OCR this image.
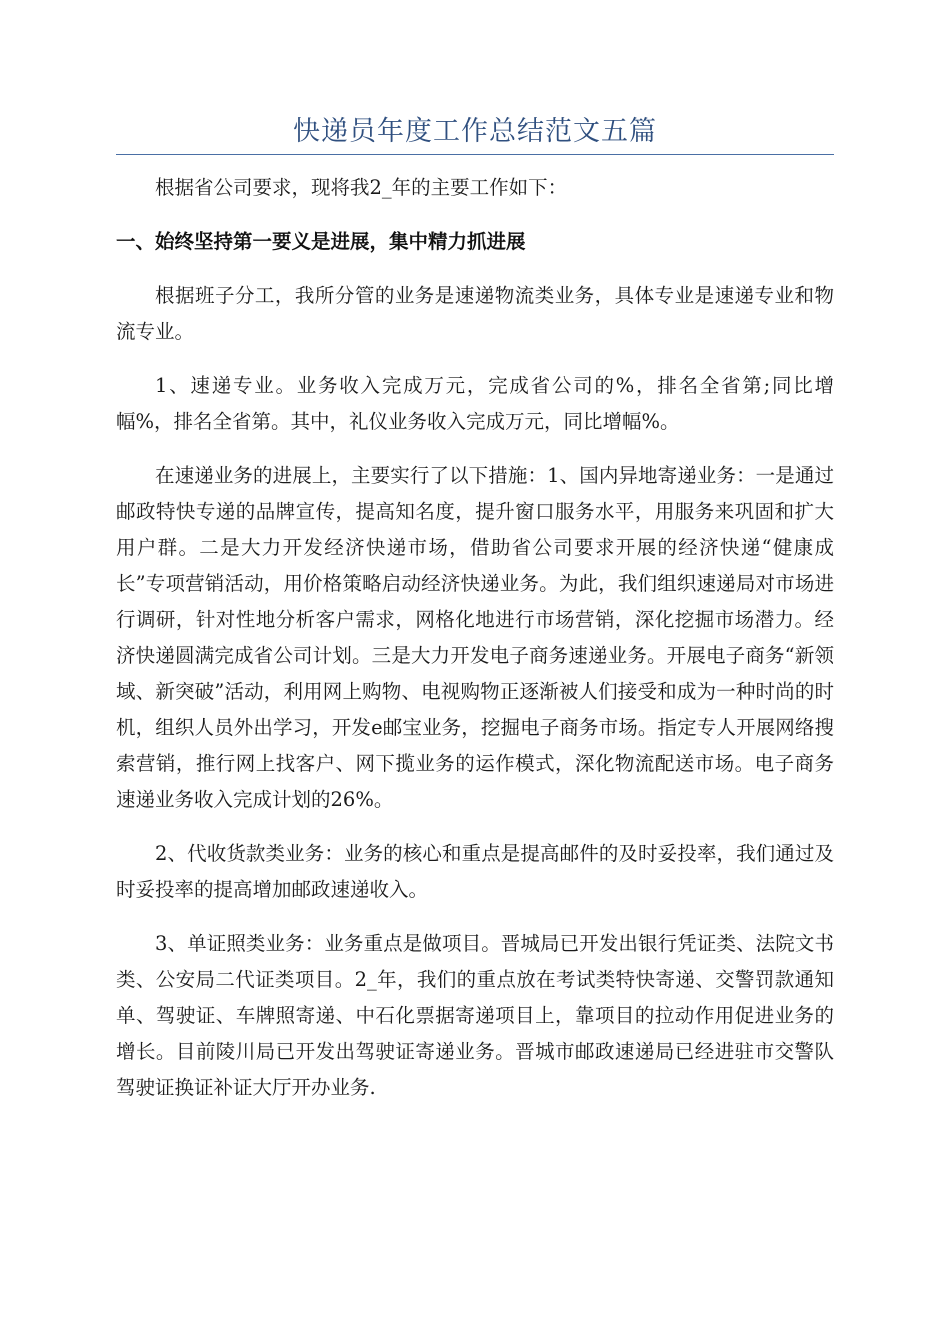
快递员年度工作总结范文五篇

根据省公司要求，现将我2_年的主要工作如下：

一、始终坚持第一要义是进展，集中精力抓进展

根据班子分工，我所分管的业务是速递物流类业务，具体专业是速递专业和物流专业。

1、速递专业。业务收入完成万元，完成省公司的%，排名全省第;同比增幅%，排名全省第。其中，礼仪业务收入完成万元，同比增幅%。

在速递业务的进展上，主要实行了以下措施：1、国内异地寄递业务：一是通过邮政特快专递的品牌宣传，提高知名度，提升窗口服务水平，用服务来巩固和扩大用户群。二是大力开发经济快递市场，借助省公司要求开展的经济快递“健康成长”专项营销活动，用价格策略启动经济快递业务。为此，我们组织速递局对市场进行调研，针对性地分析客户需求，网格化地进行市场营销，深化挖掘市场潜力。经济快递圆满完成省公司计划。三是大力开发电子商务速递业务。开展电子商务“新领域、新突破”活动，利用网上购物、电视购物正逐渐被人们接受和成为一种时尚的时机，组织人员外出学习，开发e邮宝业务，挖掘电子商务市场。指定专人开展网络搜索营销，推行网上找客户、网下揽业务的运作模式，深化物流配送市场。电子商务速递业务收入完成计划的26%。

2、代收货款类业务：业务的核心和重点是提高邮件的及时妥投率，我们通过及时妥投率的提高增加邮政速递收入。

3、单证照类业务：业务重点是做项目。晋城局已开发出银行凭证类、法院文书类、公安局二代证类项目。2_年，我们的重点放在考试类特快寄递、交警罚款通知单、驾驶证、车牌照寄递、中石化票据寄递项目上，靠项目的拉动作用促进业务的增长。目前陵川局已开发出驾驶证寄递业务。晋城市邮政速递局已经进驻市交警队驾驶证换证补证大厅开办业务.
